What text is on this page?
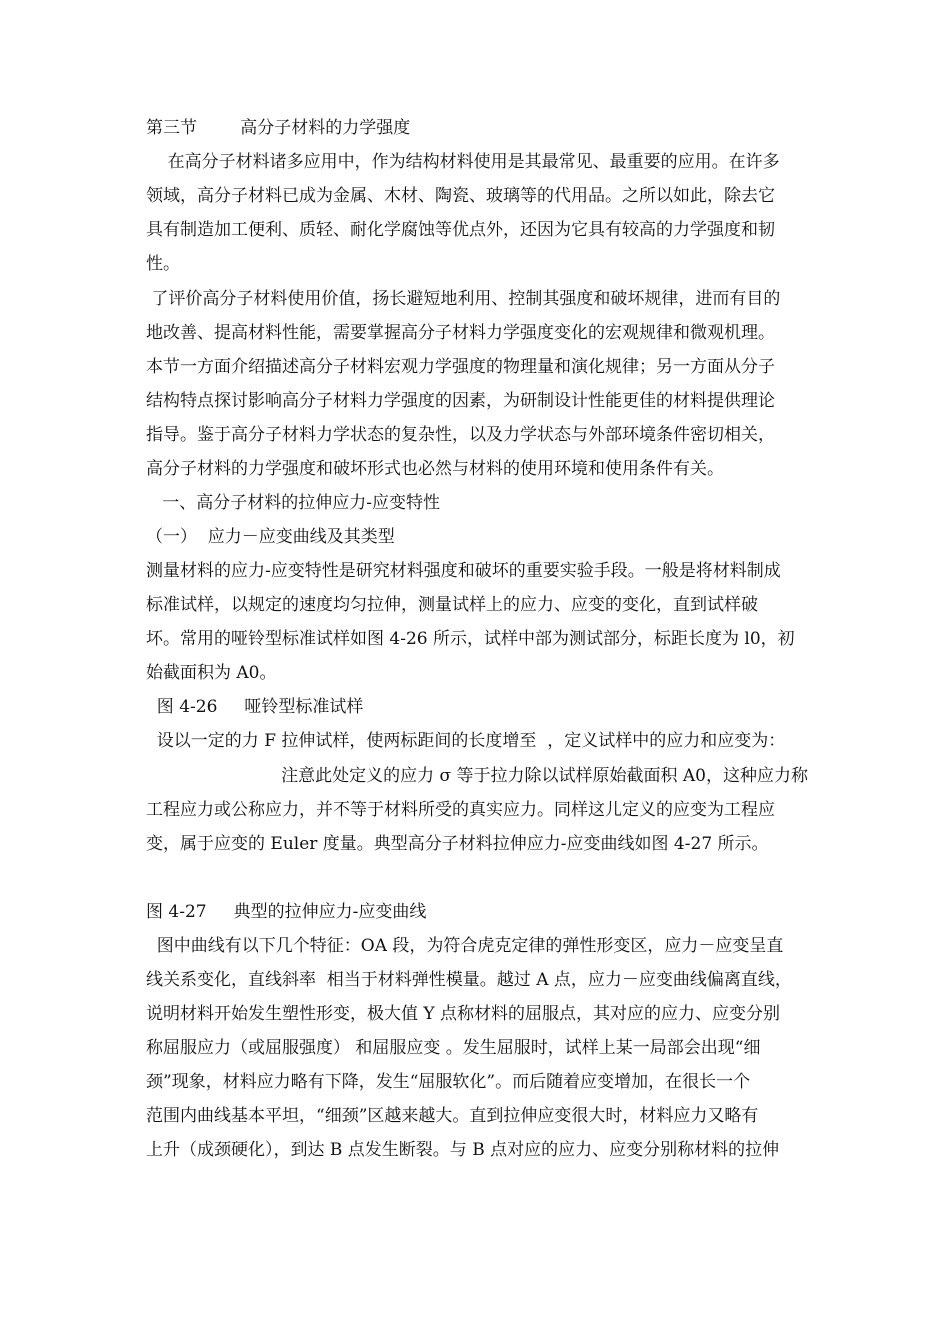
第三节        高分子材料的力学强度
在高分子材料诸多应用中，作为结构材料使用是其最常见、最重要的应用。在许多
领域，高分子材料已成为金属、木材、陶瓷、玻璃等的代用品。之所以如此，除去它
具有制造加工便利、质轻、耐化学腐蚀等优点外，还因为它具有较高的力学强度和韧
性。
了评价高分子材料使用价值，扬长避短地利用、控制其强度和破坏规律，进而有目的
地改善、提高材料性能，需要掌握高分子材料力学强度变化的宏观规律和微观机理。
本节一方面介绍描述高分子材料宏观力学强度的物理量和演化规律；另一方面从分子
结构特点探讨影响高分子材料力学强度的因素，为研制设计性能更佳的材料提供理论
指导。鉴于高分子材料力学状态的复杂性，以及力学状态与外部环境条件密切相关，
高分子材料的力学强度和破坏形式也必然与材料的使用环境和使用条件有关。
一、高分子材料的拉伸应力-应变特性
（一）  应力－应变曲线及其类型
测量材料的应力-应变特性是研究材料强度和破坏的重要实验手段。一般是将材料制成
标准试样，以规定的速度均匀拉伸，测量试样上的应力、应变的变化，直到试样破
坏。常用的哑铃型标准试样如图 4-26 所示，试样中部为测试部分，标距长度为 l0，初
始截面积为 A0。
图 4-26     哑铃型标准试样
设以一定的力 F 拉伸试样，使两标距间的长度增至  ，定义试样中的应力和应变为：
注意此处定义的应力 σ 等于拉力除以试样原始截面积 A0，这种应力称
工程应力或公称应力，并不等于材料所受的真实应力。同样这儿定义的应变为工程应
变，属于应变的 Euler 度量。典型高分子材料拉伸应力-应变曲线如图 4-27 所示。
图 4-27     典型的拉伸应力-应变曲线
图中曲线有以下几个特征：OA 段，为符合虎克定律的弹性形变区，应力－应变呈直
线关系变化，直线斜率  相当于材料弹性模量。越过 A 点，应力－应变曲线偏离直线，
说明材料开始发生塑性形变，极大值 Y 点称材料的屈服点，其对应的应力、应变分别
称屈服应力（或屈服强度） 和屈服应变 。发生屈服时，试样上某一局部会出现“细
颈”现象，材料应力略有下降，发生“屈服软化”。而后随着应变增加，在很长一个
范围内曲线基本平坦，“细颈”区越来越大。直到拉伸应变很大时，材料应力又略有
上升（成颈硬化），到达 B 点发生断裂。与 B 点对应的应力、应变分别称材料的拉伸
